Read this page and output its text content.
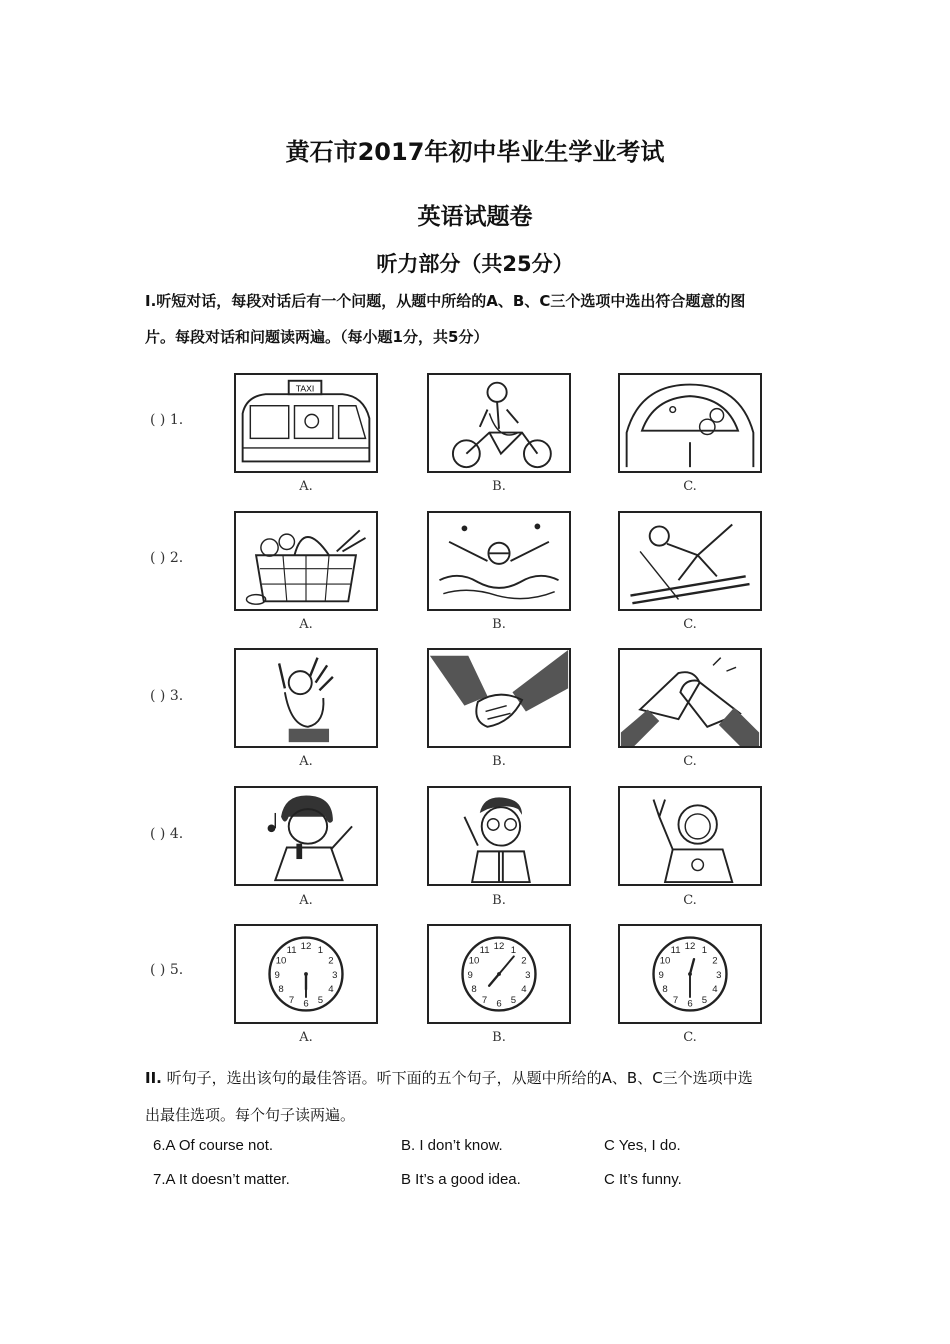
黄石市2017年初中毕业生学业考试
英语试题卷
听力部分（共25分）
Ⅰ.听短对话，每段对话后有一个问题，从题中所给的A、B、C三个选项中选出符合题意的图
片。每段对话和问题读两遍。（每小题1分，共5分）
( ) 1.
TAXI
A.	B.	C.
( ) 2.
A.	B.	C.
( ) 3.
A.	B.	C.
( ) 4.
A.	B.	C.
( ) 5.
1
2
3
4
5
6
7
8
9
10
11 12	1
2
3
4
5
6
7
8
9
10
11 12	1
2
3
4
5
6
7
8
9
10
11 12
A.	B.	C.
II. 听句子，选出该句的最佳答语。听下面的五个句子，从题中所给的A、B、C三个选项中选
出最佳选项。每个句子读两遍。
6.A Of course not.	B. I don’t know.	C Yes, I do.
7.A It doesn’t matter.	B It’s a good idea.	C It’s funny.
